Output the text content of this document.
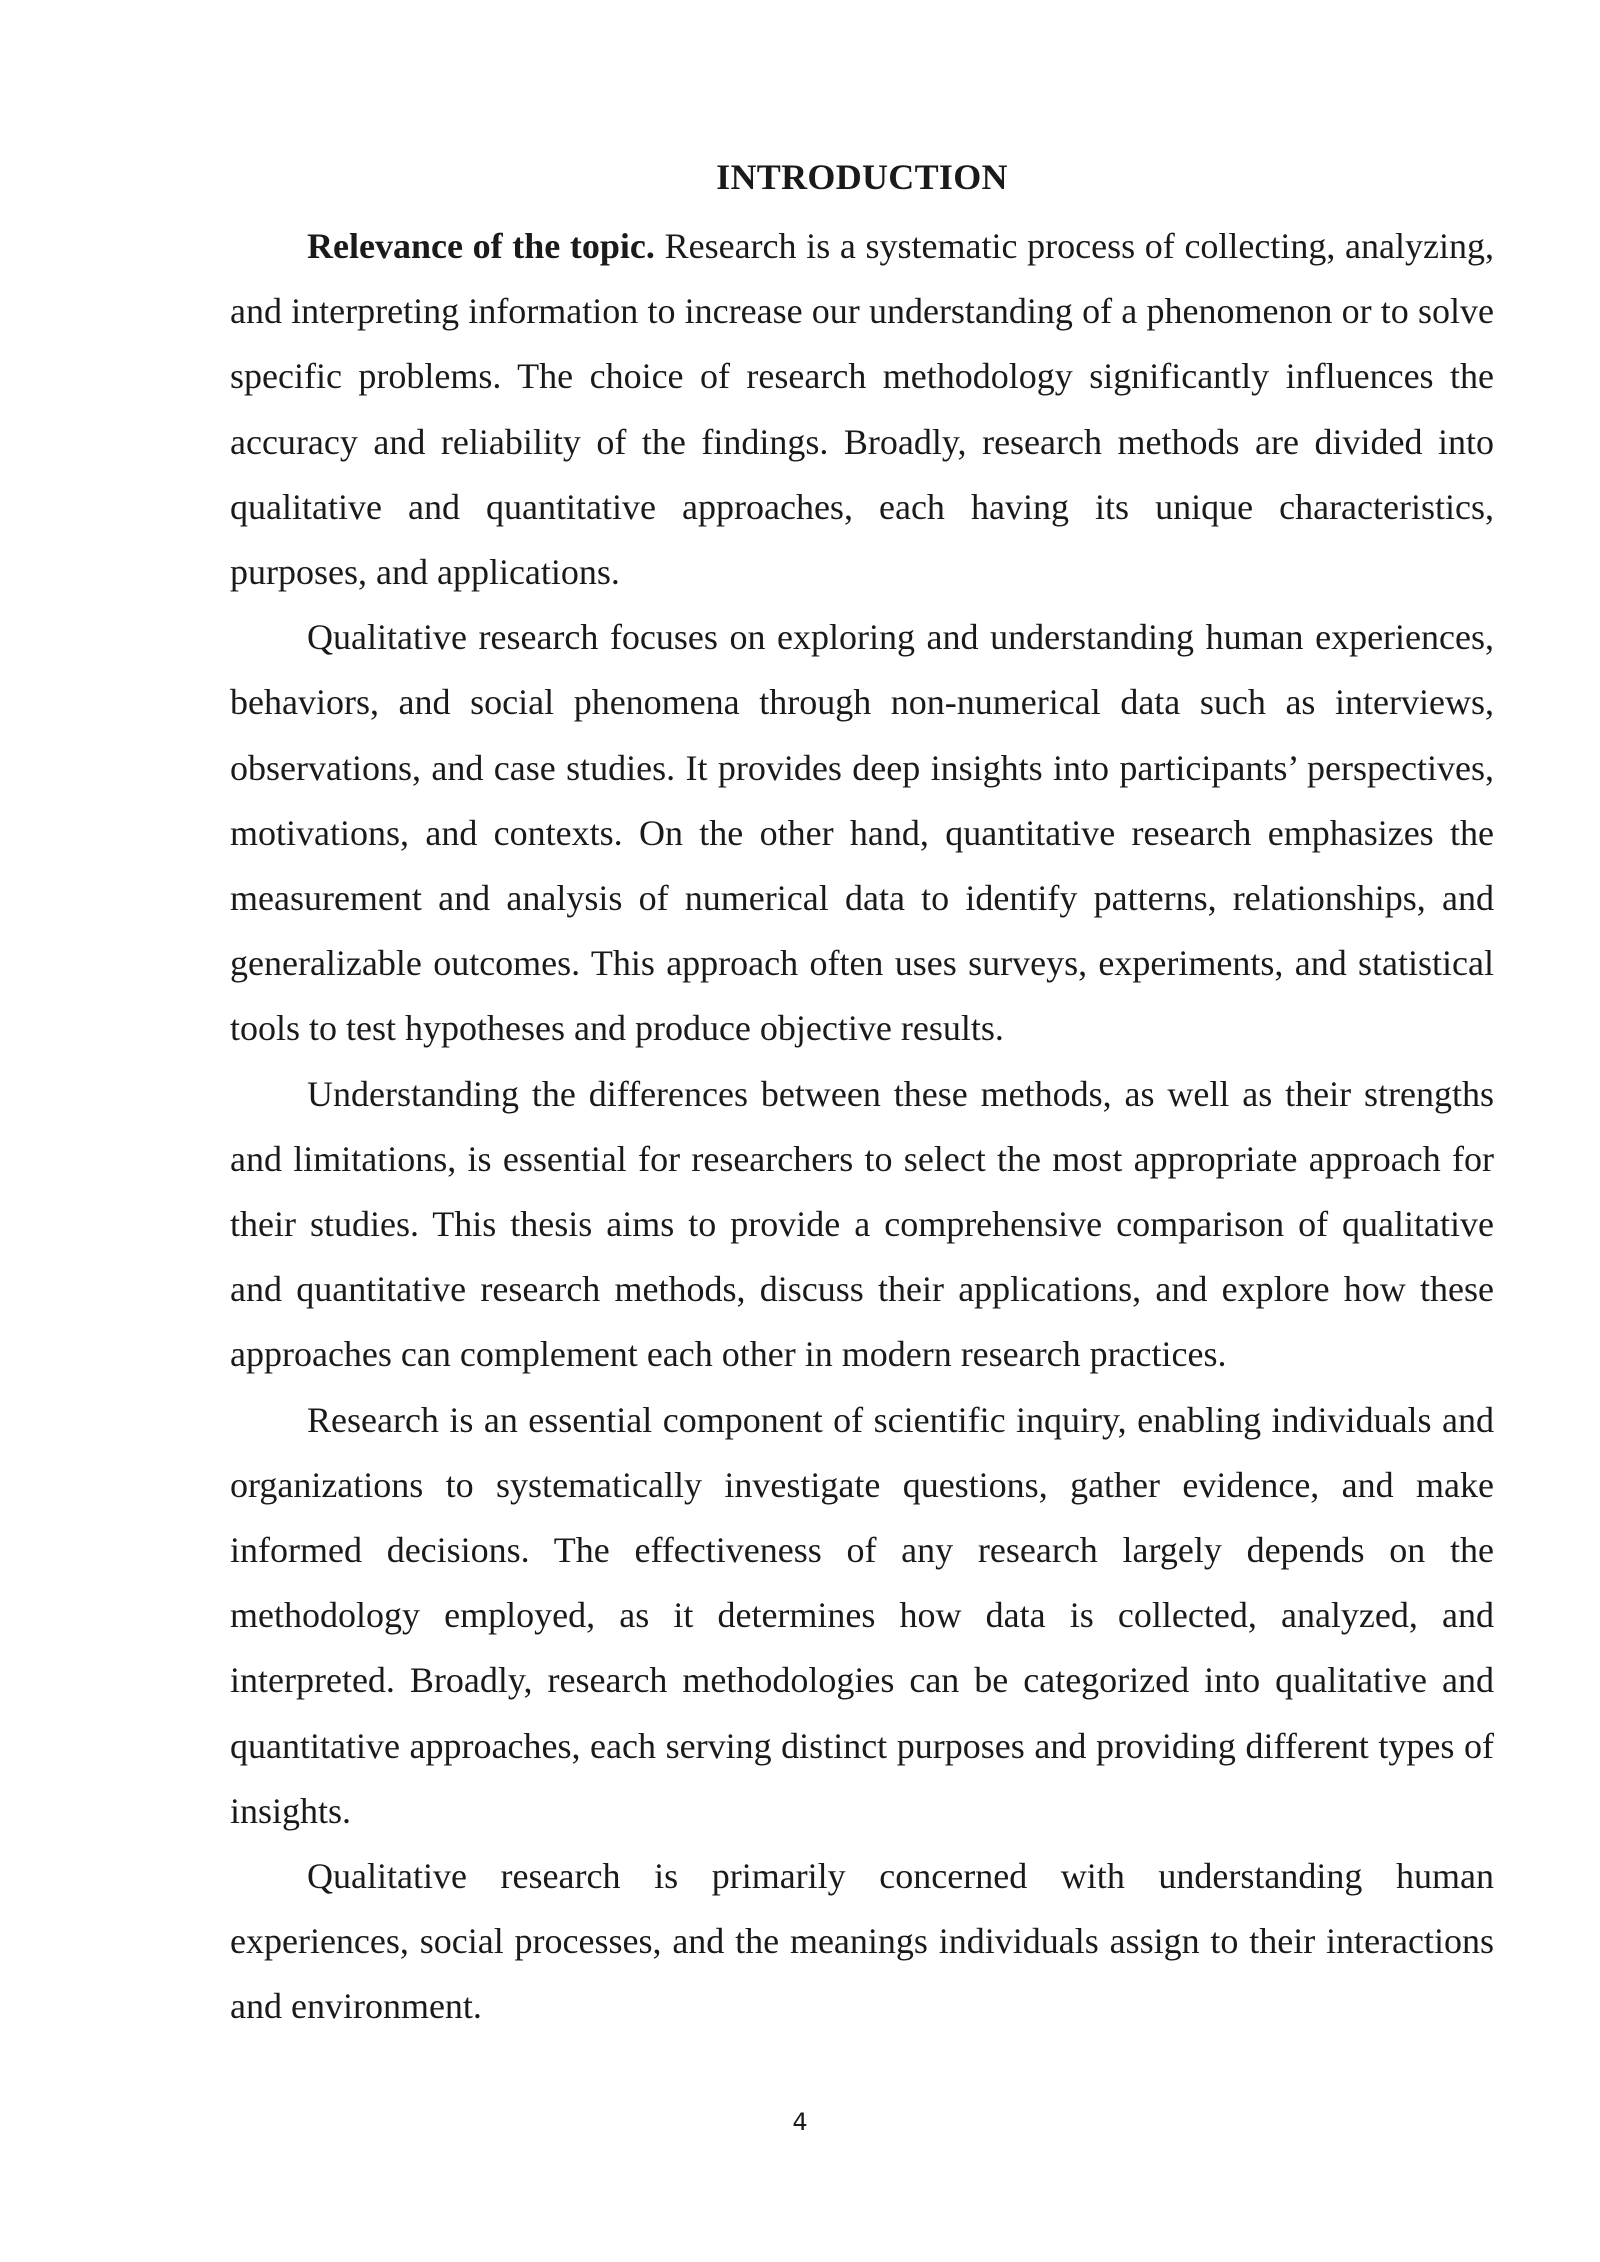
INTRODUCTION

Relevance of the topic. Research is a systematic process of collecting, analyzing, and interpreting information to increase our understanding of a phenomenon or to solve specific problems. The choice of research methodology significantly influences the accuracy and reliability of the findings. Broadly, research methods are divided into qualitative and quantitative approaches, each having its unique characteristics, purposes, and applications.

Qualitative research focuses on exploring and understanding human experiences, behaviors, and social phenomena through non-numerical data such as interviews, observations, and case studies. It provides deep insights into participants’ perspectives, motivations, and contexts. On the other hand, quantitative research emphasizes the measurement and analysis of numerical data to identify patterns, relationships, and generalizable outcomes. This approach often uses surveys, experiments, and statistical tools to test hypotheses and produce objective results.

Understanding the differences between these methods, as well as their strengths and limitations, is essential for researchers to select the most appropriate approach for their studies. This thesis aims to provide a comprehensive comparison of qualitative and quantitative research methods, discuss their applications, and explore how these approaches can complement each other in modern research practices.

Research is an essential component of scientific inquiry, enabling individuals and organizations to systematically investigate questions, gather evidence, and make informed decisions. The effectiveness of any research largely depends on the methodology employed, as it determines how data is collected, analyzed, and interpreted. Broadly, research methodologies can be categorized into qualitative and quantitative approaches, each serving distinct purposes and providing different types of insights.

Qualitative research is primarily concerned with understanding human experiences, social processes, and the meanings individuals assign to their interactions and environment.

4
